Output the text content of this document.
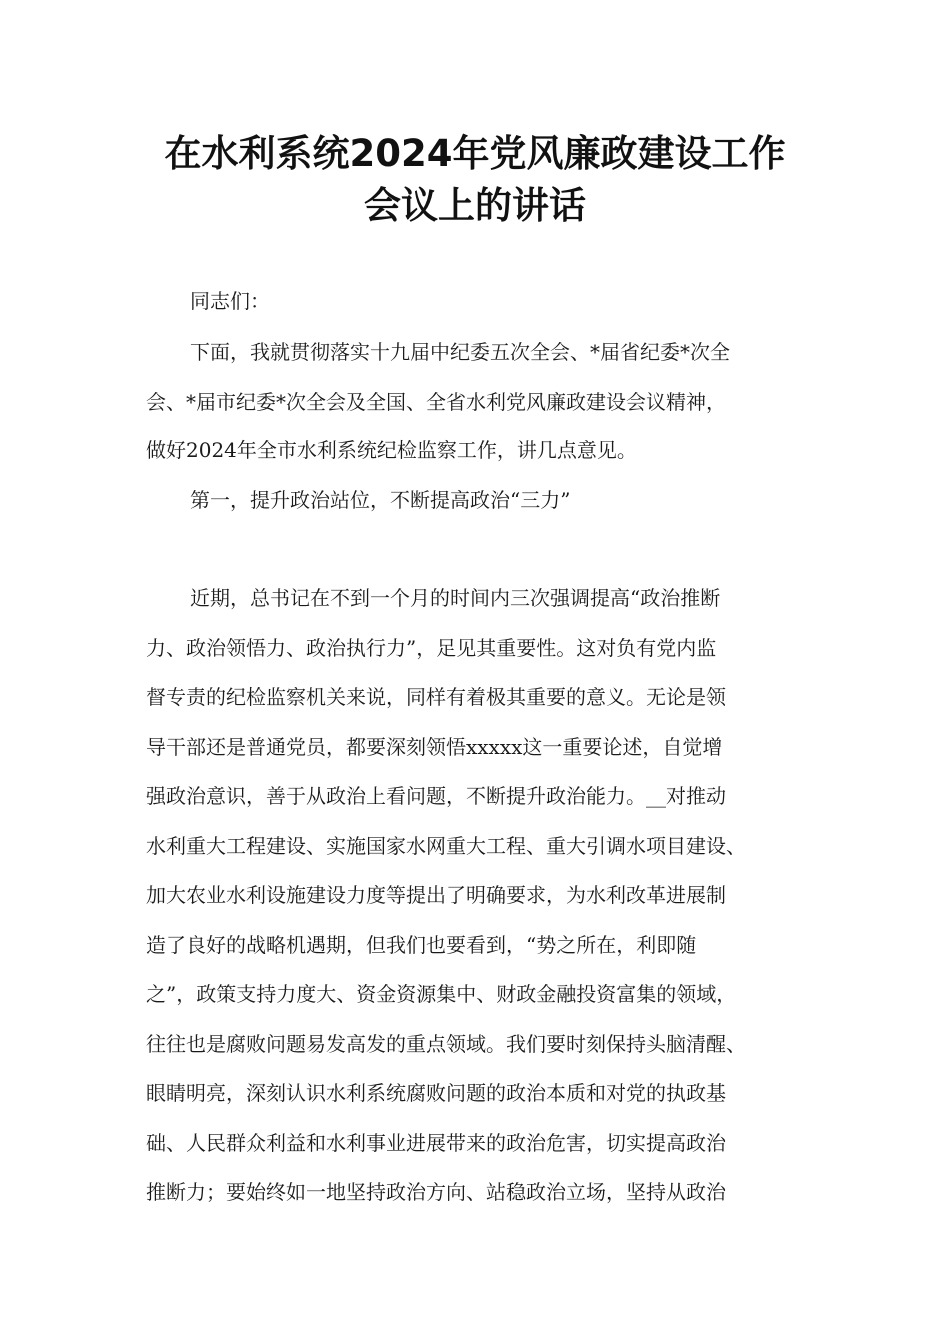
在水利系统2024年党风廉政建设工作
会议上的讲话

同志们：

下面，我就贯彻落实十九届中纪委五次全会、*届省纪委*次全

会、*届市纪委*次全会及全国、全省水利党风廉政建设会议精神，

做好2024年全市水利系统纪检监察工作，讲几点意见。

第一，提升政治站位，不断提高政治“三力”

近期，总书记在不到一个月的时间内三次强调提高“政治推断

力、政治领悟力、政治执行力”，足见其重要性。这对负有党内监

督专责的纪检监察机关来说，同样有着极其重要的意义。无论是领

导干部还是普通党员，都要深刻领悟xxxxx这一重要论述，自觉增

强政治意识，善于从政治上看问题，不断提升政治能力。__对推动

水利重大工程建设、实施国家水网重大工程、重大引调水项目建设、

加大农业水利设施建设力度等提出了明确要求，为水利改革进展制

造了良好的战略机遇期，但我们也要看到，“势之所在，利即随

之”，政策支持力度大、资金资源集中、财政金融投资富集的领域，

往往也是腐败问题易发高发的重点领域。我们要时刻保持头脑清醒、

眼睛明亮，深刻认识水利系统腐败问题的政治本质和对党的执政基

础、人民群众利益和水利事业进展带来的政治危害，切实提高政治

推断力；要始终如一地坚持政治方向、站稳政治立场，坚持从政治
